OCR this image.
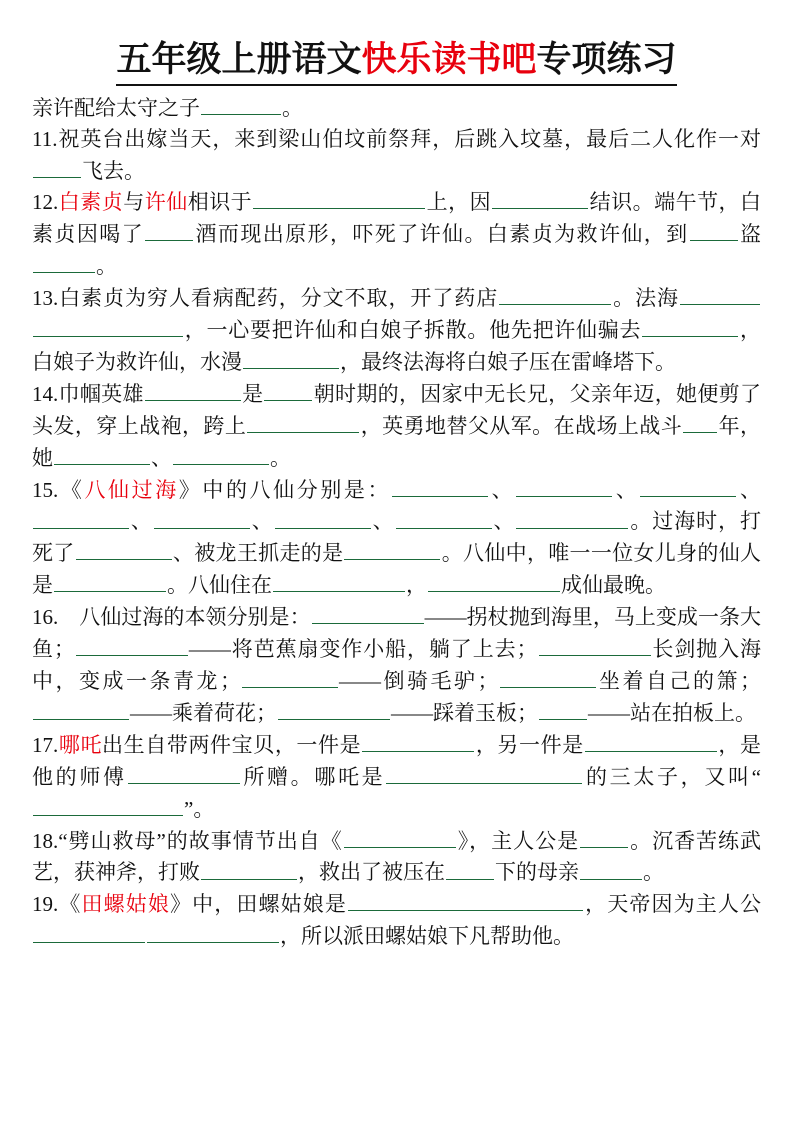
五年级上册语文快乐读书吧专项练习

亲许配给太守之子	。

11.祝英台出嫁当天，来到梁山伯坟前祭拜，后跳入坟墓，最后二人化作一对飞去。

12.白素贞与许仙相识于	上，因	结识。端午节，白素贞因喝了 酒而现出原形，吓死了许仙。白素贞为救许仙，到 盗。

13.白素贞为穷人看病配药，分文不取，开了药店	。法海，一心要把许仙和白娘子拆散。他先把许仙骗去	，白娘子为救许仙，水漫	，最终法海将白娘子压在雷峰塔下。

14.巾帼英雄	是 朝时期的，因家中无长兄，父亲年迈，她便剪了头发，穿上战袍，跨上	，英勇地替父从军。在战场上战斗 年，她	、	。

15.《八仙过海》中的八仙分别是：	、	、	、、	、	、	、	。过海时，打死了	、被龙王抓走的是	。八仙中，唯一一位女儿身的仙人是	。八仙住在	，	成仙最晚。

16.　八仙过海的本领分别是：	——拐杖抛到海里，马上变成一条大鱼；	——将芭蕉扇变作小船，躺了上去；	长剑抛入海中，变成一条青龙；	——倒骑毛驴；	坐着自己的箫；——乘着荷花；	——踩着玉板； ——站在拍板上。

17.哪吒出生自带两件宝贝，一件是	，另一件是	，是他的师傅	所赠。哪吒是	的三太子，又叫“”。

18.“劈山救母”的故事情节出自《	》，主人公是 。沉香苦练武艺，获神斧，打败	，救出了被压在 下的母亲	。

19.《田螺姑娘》中，田螺姑娘是	，天帝因为主人公，所以派田螺姑娘下凡帮助他。
